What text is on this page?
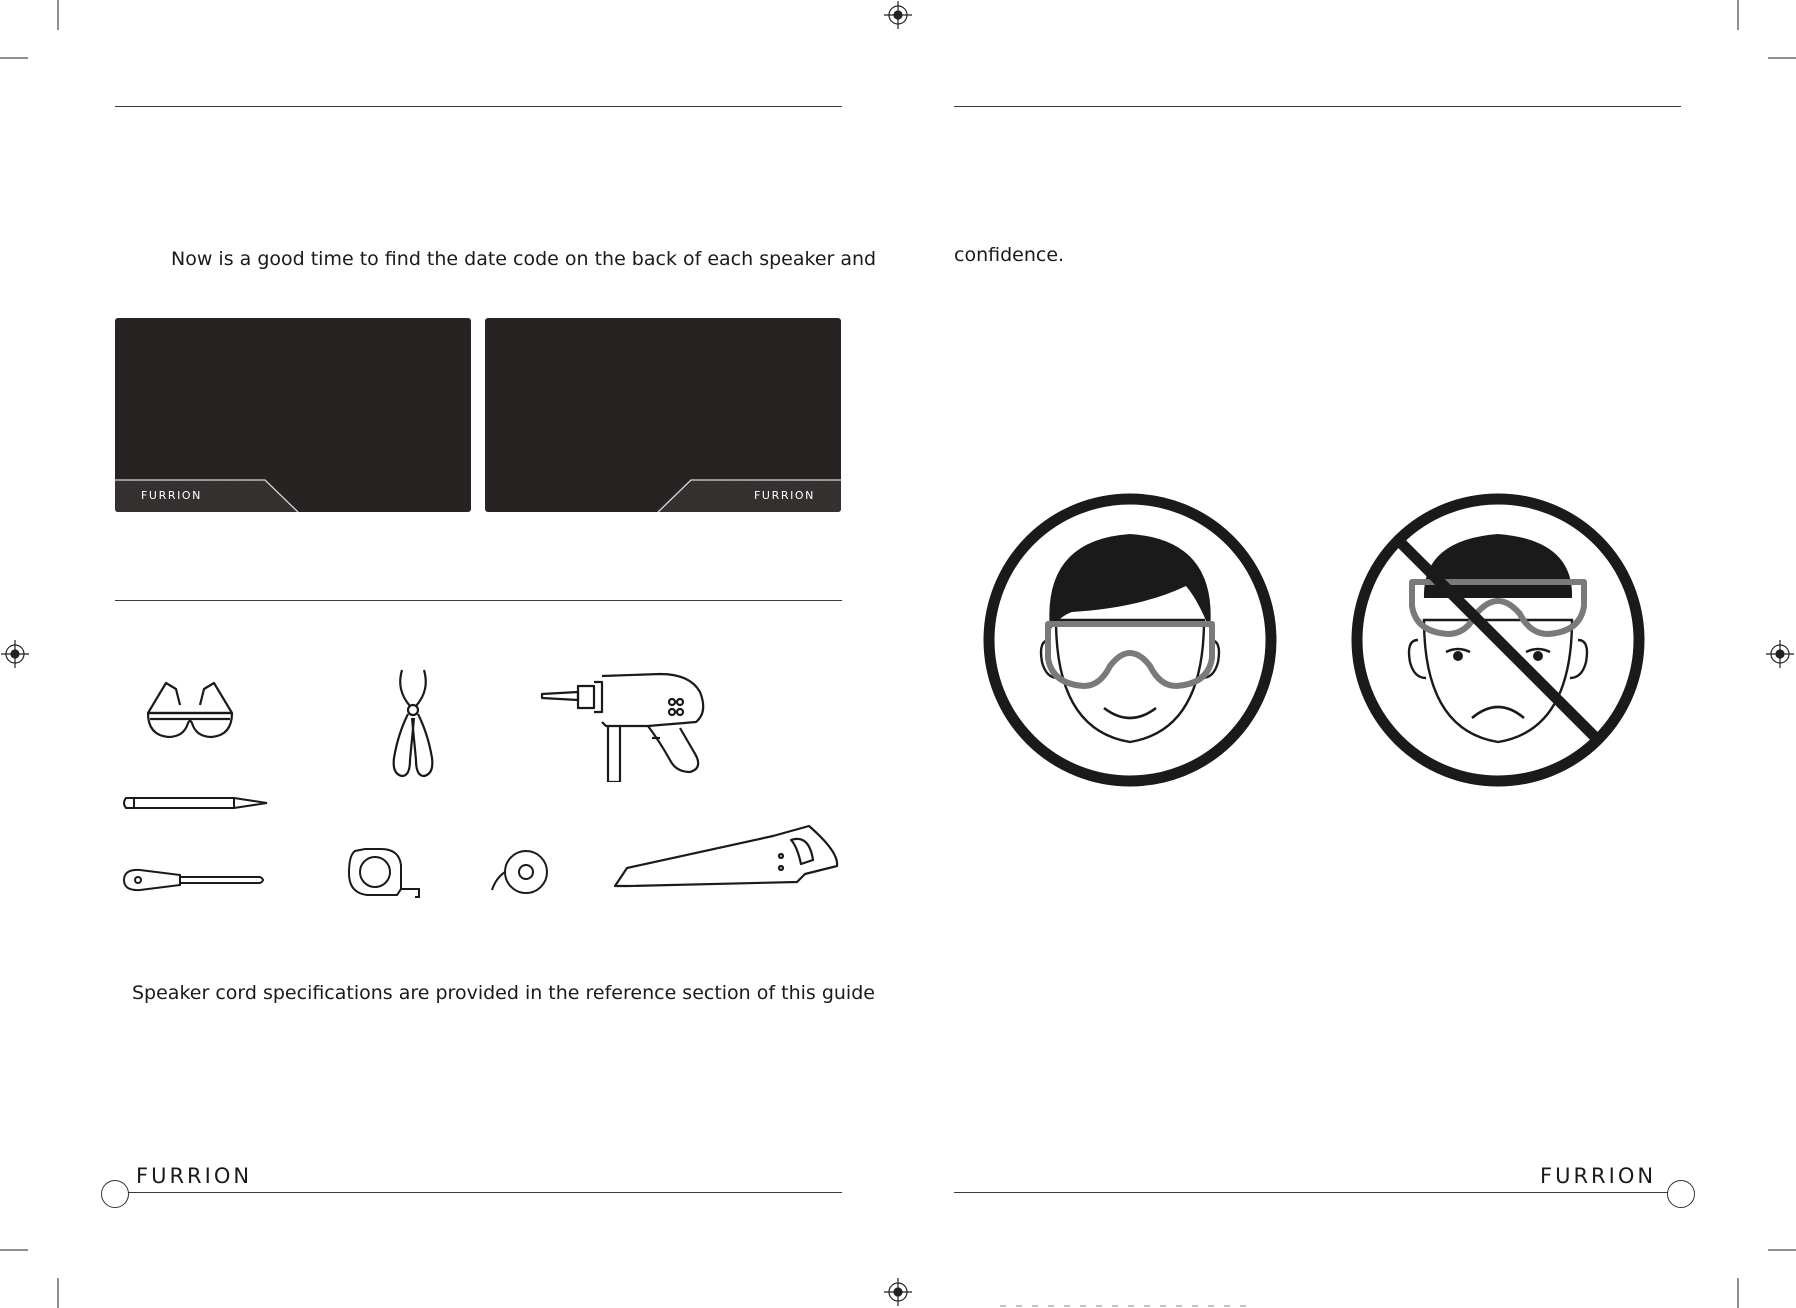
Now is a good time to find the date code on the back of each speaker and
FURRION	FURRION
Speaker cord specifications are provided in the reference section of this guide
FURRION
confidence.
FURRION
